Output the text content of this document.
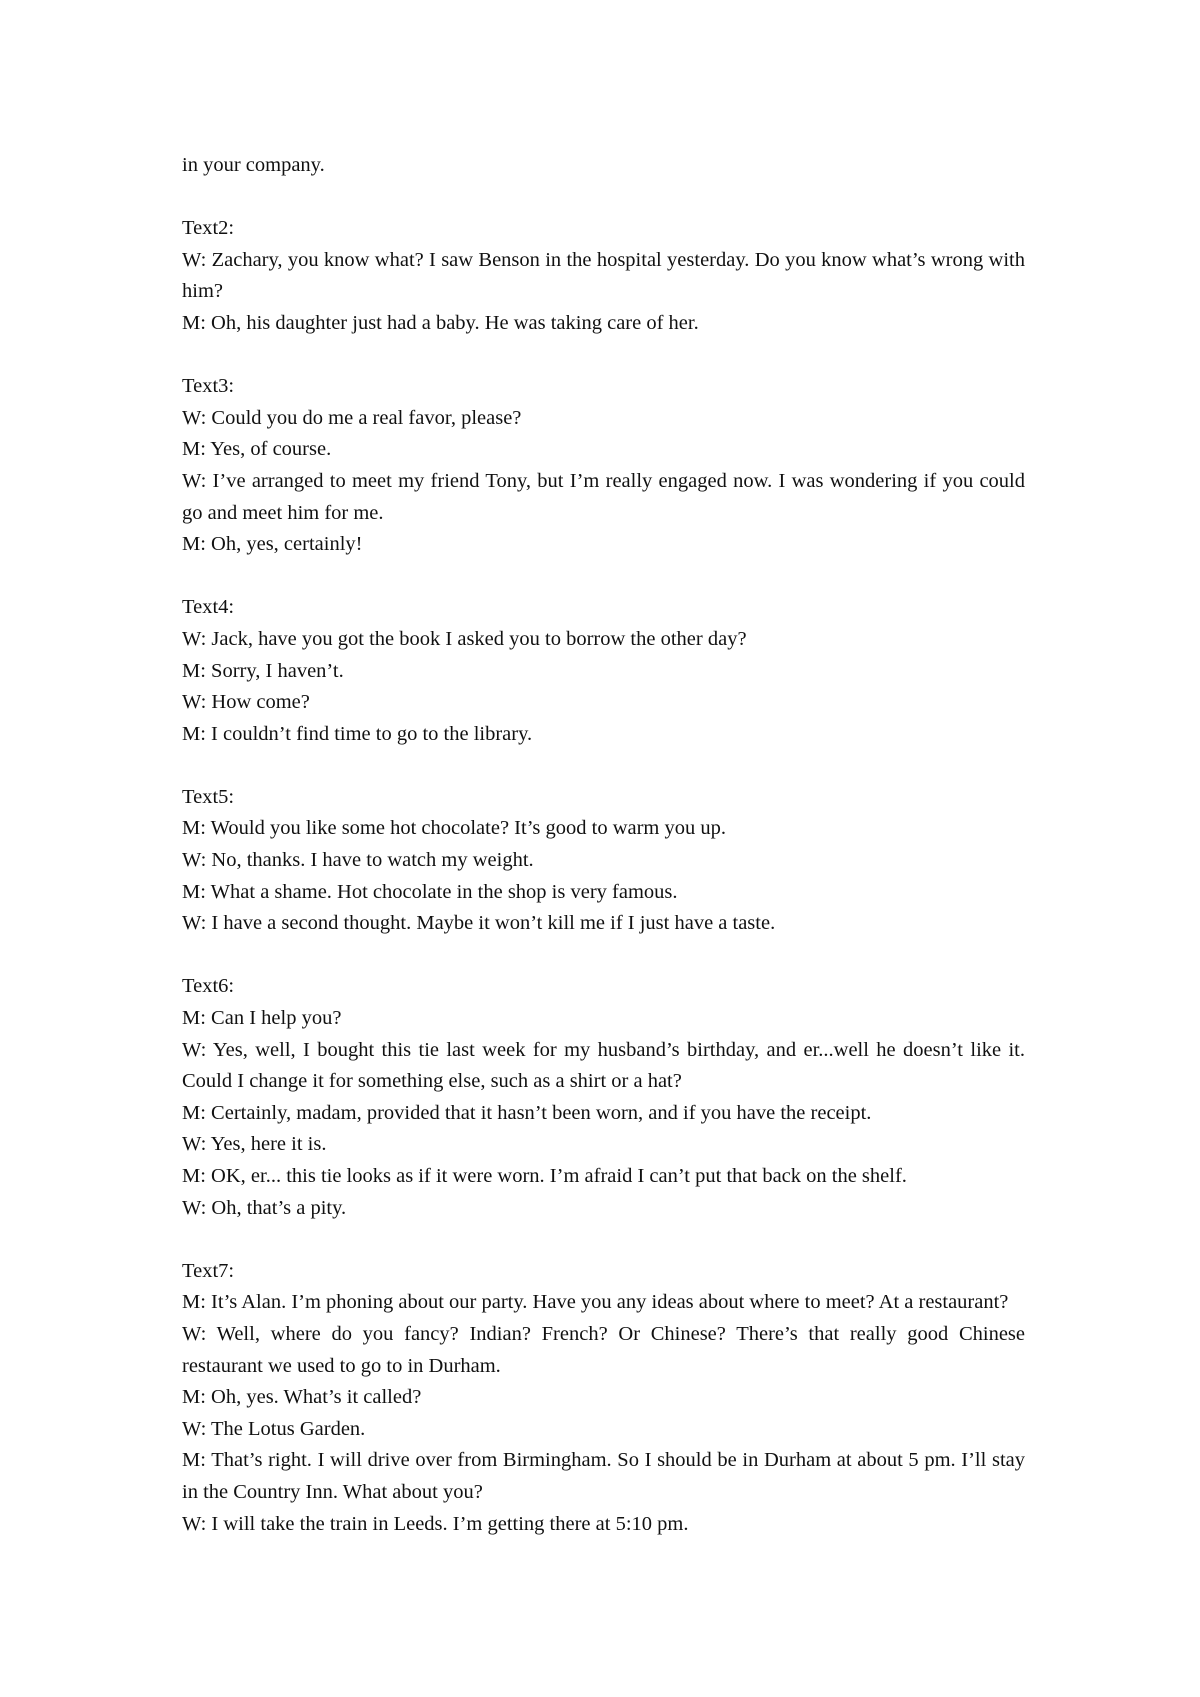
in your company.

Text2:

W: Zachary, you know what? I saw Benson in the hospital yesterday. Do you know what’s wrong with him?

M: Oh, his daughter just had a baby. He was taking care of her.

Text3:

W: Could you do me a real favor, please?

M: Yes, of course.

W: I’ve arranged to meet my friend Tony, but I’m really engaged now. I was wondering if you could go and meet him for me.

M: Oh, yes, certainly!

Text4:

W: Jack, have you got the book I asked you to borrow the other day?

M: Sorry, I haven’t.

W: How come?

M: I couldn’t find time to go to the library.

Text5:

M: Would you like some hot chocolate? It’s good to warm you up.

W: No, thanks. I have to watch my weight.

M: What a shame. Hot chocolate in the shop is very famous.

W: I have a second thought. Maybe it won’t kill me if I just have a taste.

Text6:

M: Can I help you?

W: Yes, well, I bought this tie last week for my husband’s birthday, and er...well he doesn’t like it. Could I change it for something else, such as a shirt or a hat?

M: Certainly, madam, provided that it hasn’t been worn, and if you have the receipt.

W: Yes, here it is.

M: OK, er... this tie looks as if it were worn. I’m afraid I can’t put that back on the shelf.

W: Oh, that’s a pity.

Text7:

M: It’s Alan. I’m phoning about our party. Have you any ideas about where to meet? At a restaurant?

W: Well, where do you fancy? Indian? French? Or Chinese? There’s that really good Chinese restaurant we used to go to in Durham.

M: Oh, yes. What’s it called?

W: The Lotus Garden.

M: That’s right. I will drive over from Birmingham. So I should be in Durham at about 5 pm. I’ll stay in the Country Inn. What about you?

W: I will take the train in Leeds. I’m getting there at 5:10 pm.
